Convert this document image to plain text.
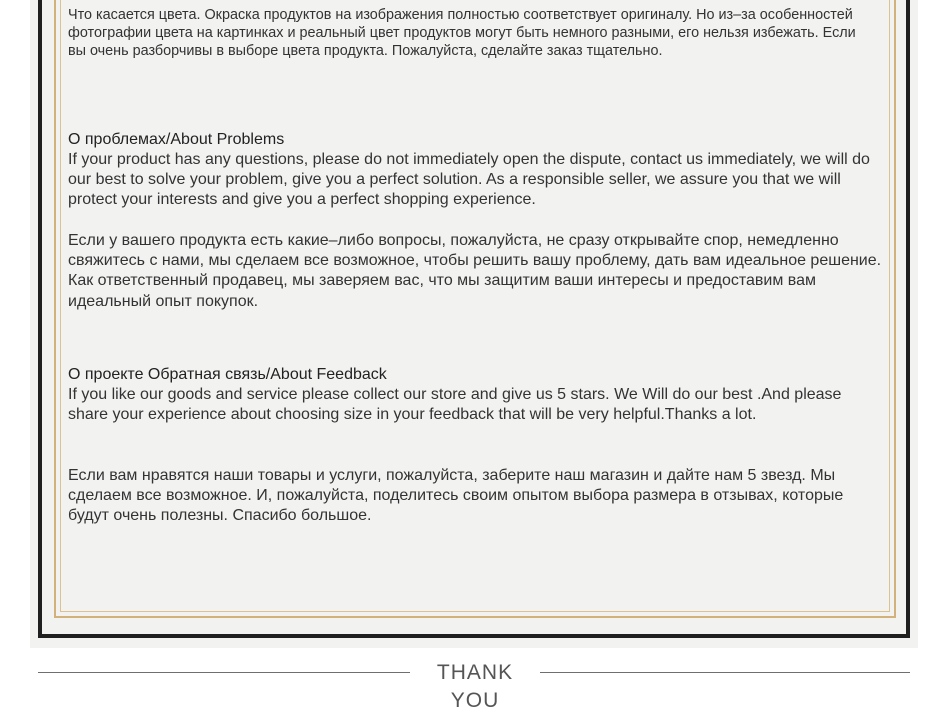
Что касается цвета. Окраска продуктов на изображения полностью соответствует оригиналу. Но из–за особенностей фотографии цвета на картинках и реальный цвет продуктов могут быть немного разными, его нельзя избежать. Если вы очень разборчивы в выборе цвета продукта. Пожалуйста, сделайте заказ тщательно.

О проблемах/About Problems

If your product has any questions, please do not immediately open the dispute, contact us immediately, we will do our best to solve your problem, give you a perfect solution. As a responsible seller, we assure you that we will protect your interests and give you a perfect shopping experience.

Если у вашего продукта есть какие–либо вопросы, пожалуйста, не сразу открывайте спор, немедленно свяжитесь с нами, мы сделаем все возможное, чтобы решить вашу проблему, дать вам идеальное решение. Как ответственный продавец, мы заверяем вас, что мы защитим ваши интересы и предоставим вам идеальный опыт покупок.

О проекте Обратная связь/About Feedback

If you like our goods and service please collect our store and give us 5 stars. We Will do our best .And please share your experience about choosing size in your feedback that will be very helpful.Thanks a lot.

Если вам нравятся наши товары и услуги, пожалуйста, заберите наш магазин и дайте нам 5 звезд. Мы сделаем все возможное. И, пожалуйста, поделитесь своим опытом выбора размера в отзывах, которые будут очень полезны. Спасибо большое.

THANK YOU
